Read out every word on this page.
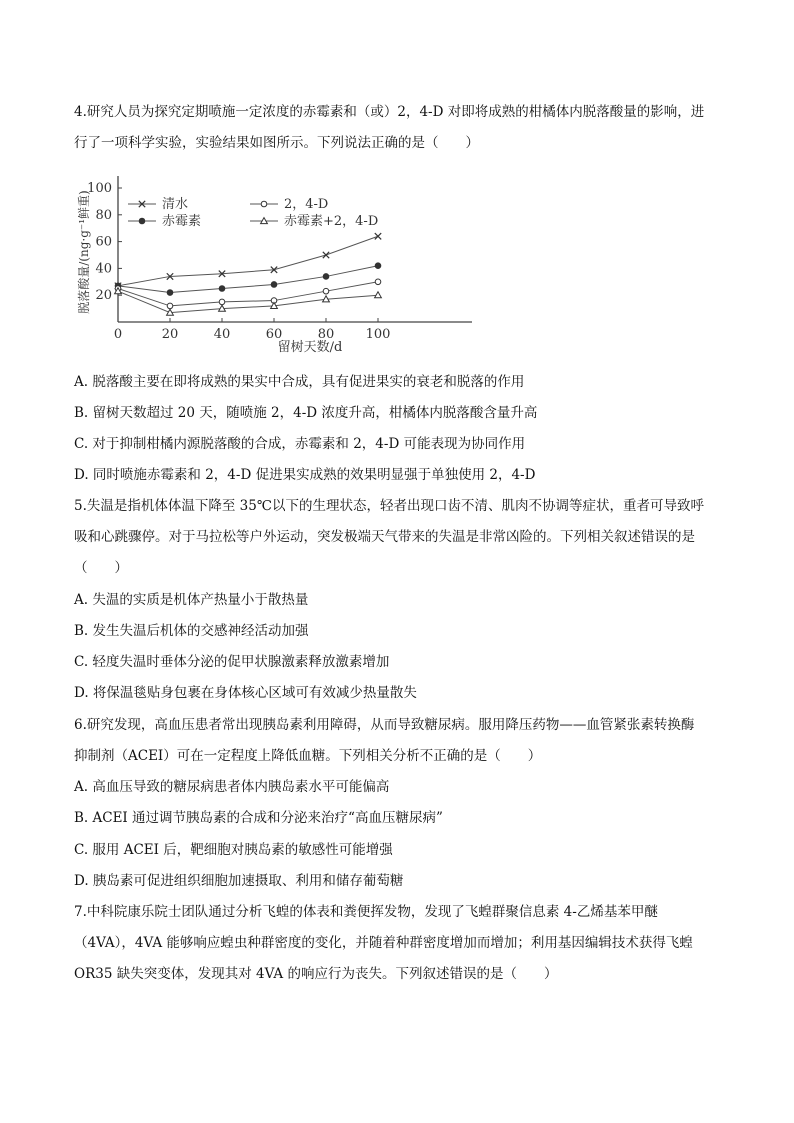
4.研究人员为探究定期喷施一定浓度的赤霉素和（或）2，4-D 对即将成熟的柑橘体内脱落酸量的影响，进
行了一项科学实验，实验结果如图所示。下列说法正确的是（　　）
0	20	40	60	80 100
20
40
60
80
100
清水
赤霉素
2，4-D
赤霉素+2，4-D
留树天数/d
脱落酸量/(ng·g⁻¹鲜重)
A. 脱落酸主要在即将成熟的果实中合成，具有促进果实的衰老和脱落的作用
B. 留树天数超过 20 天，随喷施 2，4-D 浓度升高，柑橘体内脱落酸含量升高
C. 对于抑制柑橘内源脱落酸的合成，赤霉素和 2，4-D 可能表现为协同作用
D. 同时喷施赤霉素和 2，4-D 促进果实成熟的效果明显强于单独使用 2，4-D
5.失温是指机体体温下降至 35℃以下的生理状态，轻者出现口齿不清、肌肉不协调等症状，重者可导致呼
吸和心跳骤停。对于马拉松等户外运动，突发极端天气带来的失温是非常凶险的。下列相关叙述错误的是
（　　）
A. 失温的实质是机体产热量小于散热量
B. 发生失温后机体的交感神经活动加强
C. 轻度失温时垂体分泌的促甲状腺激素释放激素增加
D. 将保温毯贴身包裹在身体核心区域可有效减少热量散失
6.研究发现，高血压患者常出现胰岛素利用障碍，从而导致糖尿病。服用降压药物——血管紧张素转换酶
抑制剂（ACEI）可在一定程度上降低血糖。下列相关分析不正确的是（　　）
A. 高血压导致的糖尿病患者体内胰岛素水平可能偏高
B. ACEI 通过调节胰岛素的合成和分泌来治疗“高血压糖尿病”
C. 服用 ACEI 后，靶细胞对胰岛素的敏感性可能增强
D. 胰岛素可促进组织细胞加速摄取、利用和储存葡萄糖
7.中科院康乐院士团队通过分析飞蝗的体表和粪便挥发物，发现了飞蝗群聚信息素 4-乙烯基苯甲醚
（4VA），4VA 能够响应蝗虫种群密度的变化，并随着种群密度增加而增加；利用基因编辑技术获得飞蝗
OR35 缺失突变体，发现其对 4VA 的响应行为丧失。下列叙述错误的是（　　）
